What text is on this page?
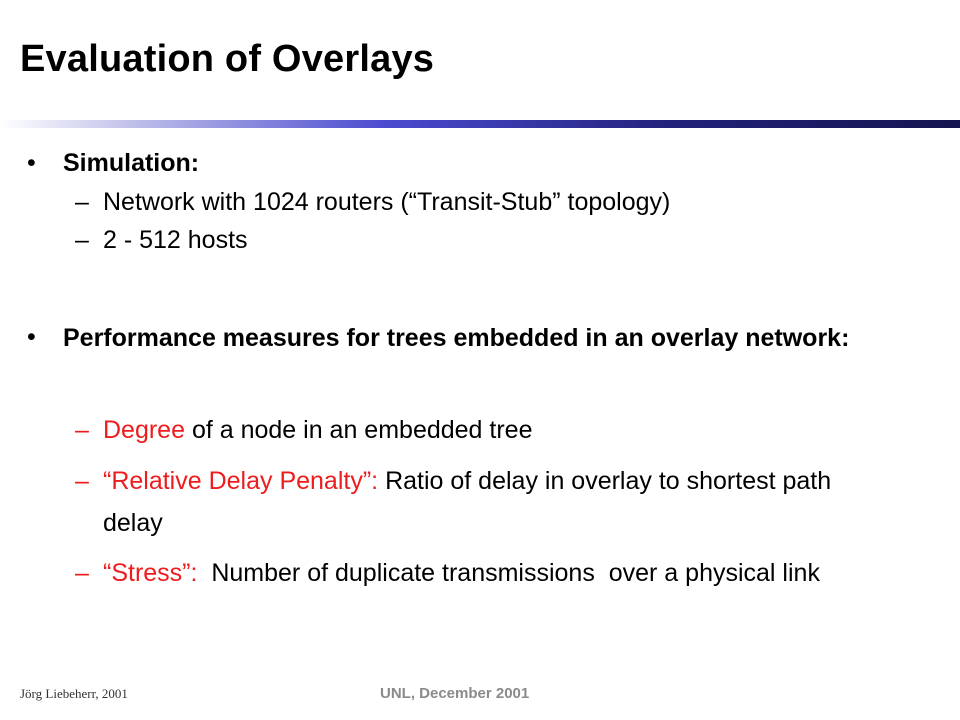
Evaluation of Overlays
• Simulation:
– Network with 1024 routers (“Transit-Stub” topology)
– 2 - 512 hosts
• Performance measures for trees embedded in an overlay network:
– Degree of a node in an embedded tree
– “Relative Delay Penalty”: Ratio of delay in overlay to shortest path delay
– “Stress”:  Number of duplicate transmissions  over a physical link
Jörg Liebeherr, 2001	UNL, December 2001
